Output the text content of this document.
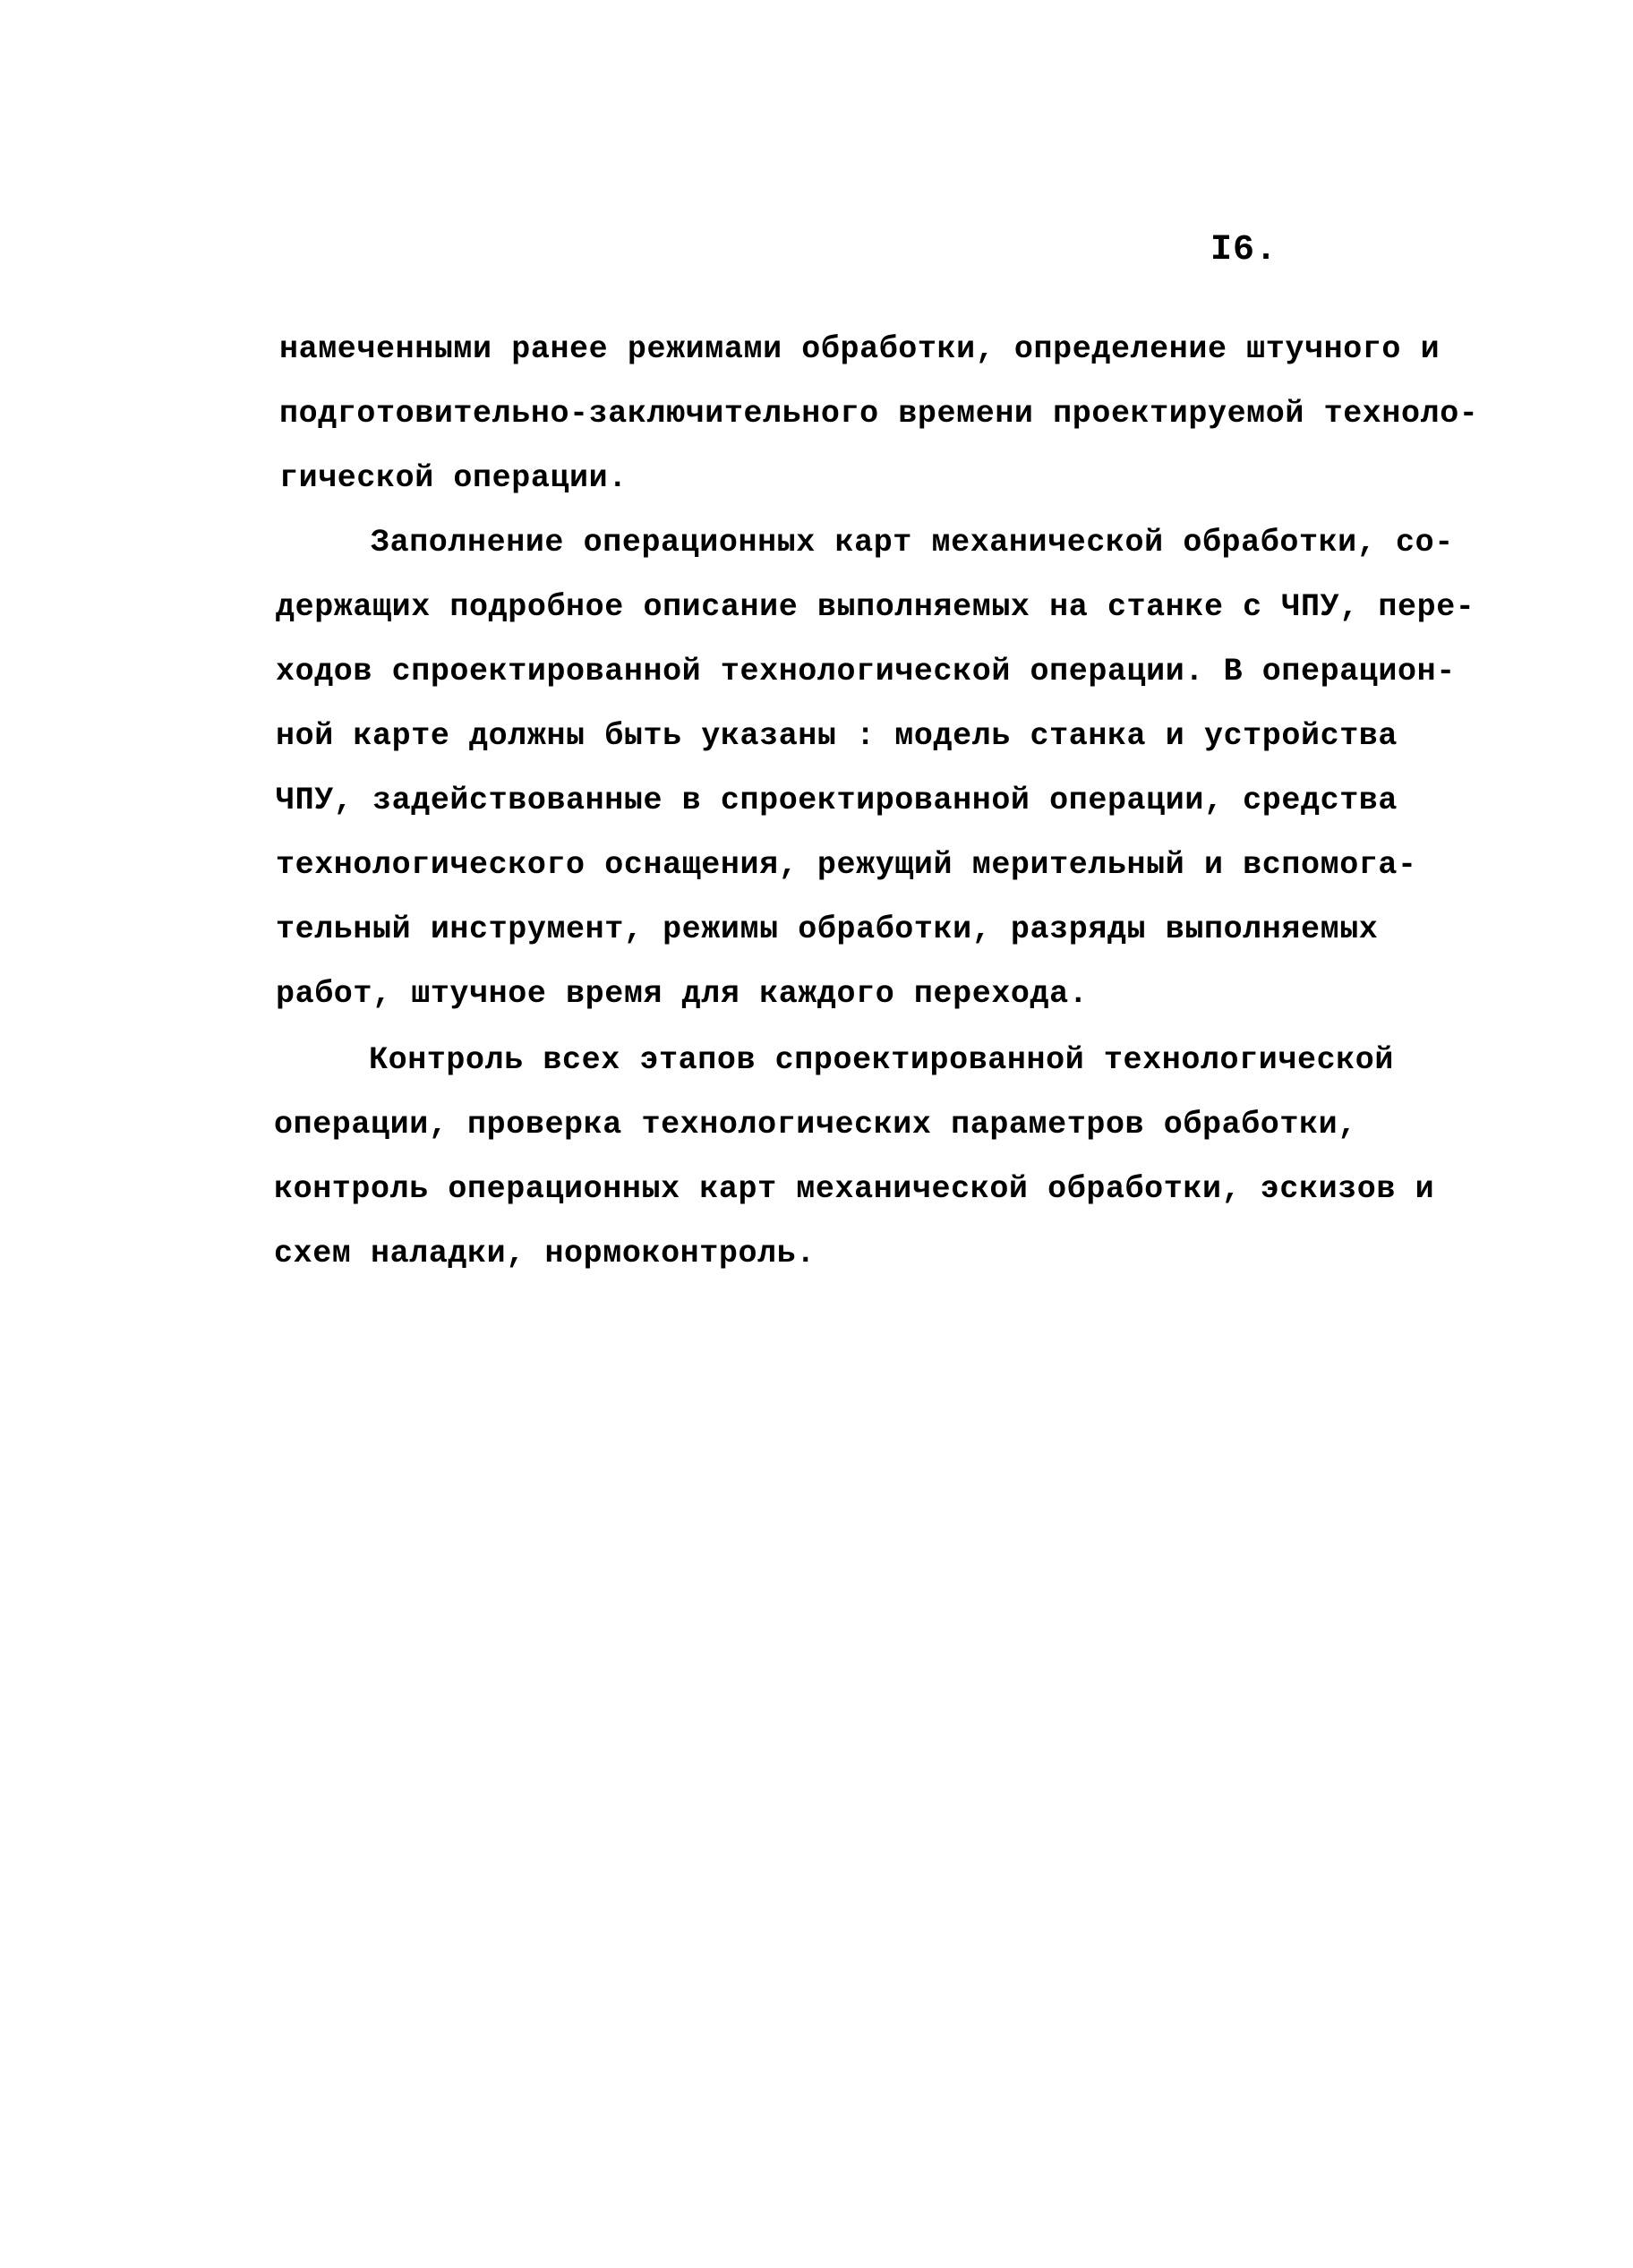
I6.
намеченными ранее режимами обработки, определение штучного и
подготовительно-заключительного времени проектируемой техноло-
гической операции.
Заполнение операционных карт механической обработки, со-
держащих подробное описание выполняемых на станке с ЧПУ, пере-
ходов спроектированной технологической операции. В операцион-
ной карте должны быть указаны : модель станка и устройства
ЧПУ, задействованные в спроектированной операции, средства
технологического оснащения, режущий мерительный и вспомога-
тельный инструмент, режимы обработки, разряды выполняемых
работ, штучное время для каждого перехода.
Контроль всех этапов спроектированной технологической
операции, проверка технологических параметров обработки,
контроль операционных карт механической обработки, эскизов и
схем наладки, нормоконтроль.
